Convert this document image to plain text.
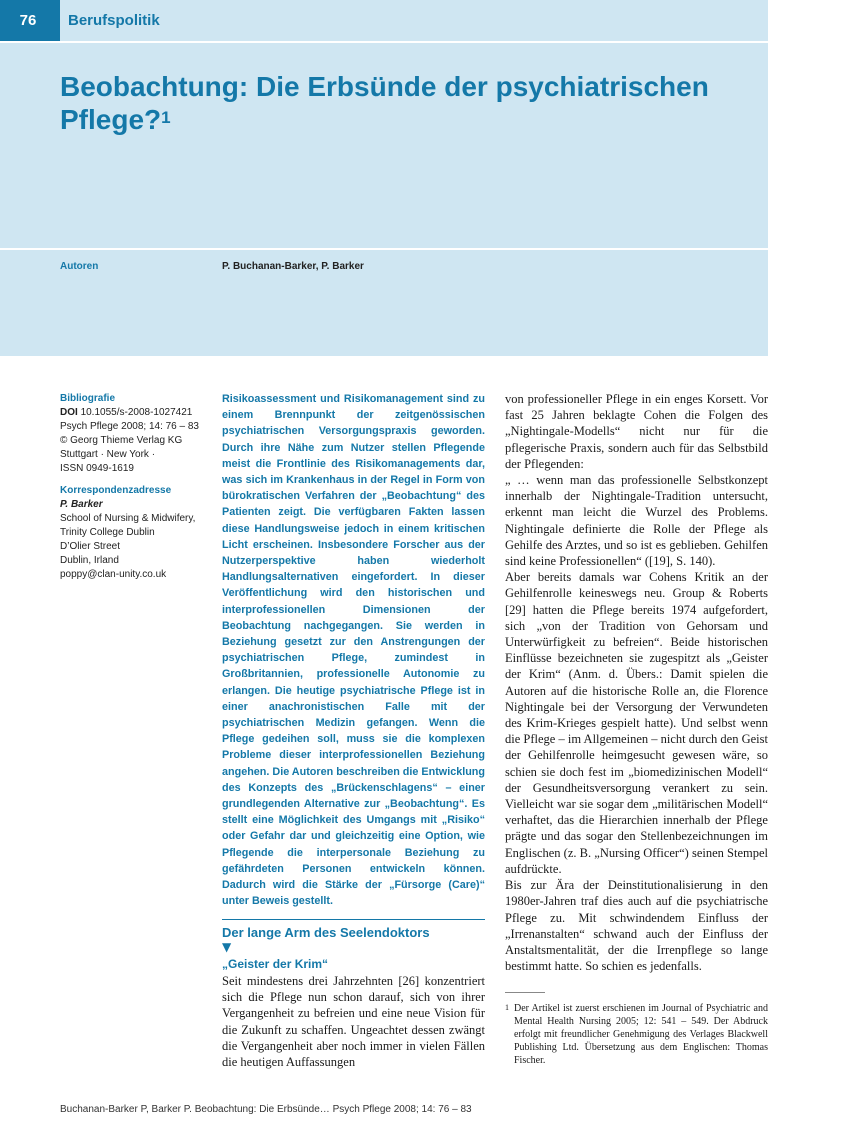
76	Berufspolitik
Beobachtung: Die Erbsünde der psychiatrischen Pflege?$^1$
Autoren	P. Buchanan-Barker, P. Barker
Bibliografie
DOI 10.1055/s-2008-1027421
Psych Pflege 2008; 14: 76 – 83
© Georg Thieme Verlag KG
Stuttgart · New York ·
ISSN 0949-1619
Korrespondenzadresse
P. Barker
School of Nursing & Midwifery,
Trinity College Dublin
D’Olier Street
Dublin, Irland
poppy@clan-unity.co.uk

Risikoassessment und Risikomanagement sind zu einem Brennpunkt der zeitgenössischen psychiatrischen Versorgungspraxis geworden. Durch ihre Nähe zum Nutzer stellen Pflegende meist die Frontlinie des Risikomanagements dar, was sich im Krankenhaus in der Regel in Form von bürokratischen Verfahren der „Beobachtung“ des Patienten zeigt. Die verfügbaren Fakten lassen diese Handlungsweise jedoch in einem kritischen Licht erscheinen. Insbesondere Forscher aus der Nutzerperspektive haben wiederholt Handlungsalternativen eingefordert. In dieser Veröffentlichung wird den historischen und interprofessionellen Dimensionen der Beobachtung nachgegangen. Sie werden in Beziehung gesetzt zur den Anstrengungen der psychiatrischen Pflege, zumindest in Großbritannien, professionelle Autonomie zu erlangen. Die heutige psychiatrische Pflege ist in einer anachronistischen Falle mit der psychiatrischen Medizin gefangen. Wenn die Pflege gedeihen soll, muss sie die komplexen Probleme dieser interprofessionellen Beziehung angehen. Die Autoren beschreiben die Entwicklung des Konzepts des „Brückenschlagens“ – einer grundlegenden Alternative zur „Beobachtung“. Es stellt eine Möglichkeit des Umgangs mit „Risiko“ oder Gefahr dar und gleichzeitig eine Option, wie Pflegende die interpersonale Beziehung zu gefährdeten Personen entwickeln können. Dadurch wird die Stärke der „Fürsorge (Care)“ unter Beweis gestellt.

Der lange Arm des Seelendoktors
▼
„Geister der Krim“

Seit mindestens drei Jahrzehnten [26] konzentriert sich die Pflege nun schon darauf, sich von ihrer Vergangenheit zu befreien und eine neue Vision für die Zukunft zu schaffen. Ungeachtet dessen zwängt die Vergangenheit aber noch immer in vielen Fällen die heutigen Auffassungen

von professioneller Pflege in ein enges Korsett. Vor fast 25 Jahren beklagte Cohen die Folgen des „Nightingale-Modells“ nicht nur für die pflegerische Praxis, sondern auch für das Selbstbild der Pflegenden:

„ … wenn man das professionelle Selbstkonzept innerhalb der Nightingale-Tradition untersucht, erkennt man leicht die Wurzel des Problems. Nightingale definierte die Rolle der Pflege als Gehilfe des Arztes, und so ist es geblieben. Gehilfen sind keine Professionellen“ ([19], S. 140).

Aber bereits damals war Cohens Kritik an der Gehilfenrolle keineswegs neu. Group & Roberts [29] hatten die Pflege bereits 1974 aufgefordert, sich „von der Tradition von Gehorsam und Unterwürfigkeit zu befreien“. Beide historischen Einflüsse bezeichneten sie zugespitzt als „Geister der Krim“ (Anm. d. Übers.: Damit spielen die Autoren auf die historische Rolle an, die Florence Nightingale bei der Versorgung der Verwundeten des Krim-Krieges gespielt hatte). Und selbst wenn die Pflege – im Allgemeinen – nicht durch den Geist der Gehilfenrolle heimgesucht gewesen wäre, so schien sie doch fest im „biomedizinischen Modell“ der Gesundheitsversorgung verankert zu sein. Vielleicht war sie sogar dem „militärischen Modell“ verhaftet, das die Hierarchien innerhalb der Pflege prägte und das sogar den Stellenbezeichnungen im Englischen (z. B. „Nursing Officer“) seinen Stempel aufdrückte.

Bis zur Ära der Deinstitutionalisierung in den 1980er-Jahren traf dies auch auf die psychiatrische Pflege zu. Mit schwindendem Einfluss der „Irrenanstalten“ schwand auch der Einfluss der Anstaltsmentalität, der die Irrenpflege so lange bestimmt hatte. So schien es jedenfalls.

1 Der Artikel ist zuerst erschienen im Journal of Psychiatric and Mental Health Nursing 2005; 12: 541 – 549. Der Abdruck erfolgt mit freundlicher Genehmigung des Verlages Blackwell Publishing Ltd. Übersetzung aus dem Englischen: Thomas Fischer.
Buchanan-Barker P, Barker P. Beobachtung: Die Erbsünde… Psych Pflege 2008; 14: 76 – 83
